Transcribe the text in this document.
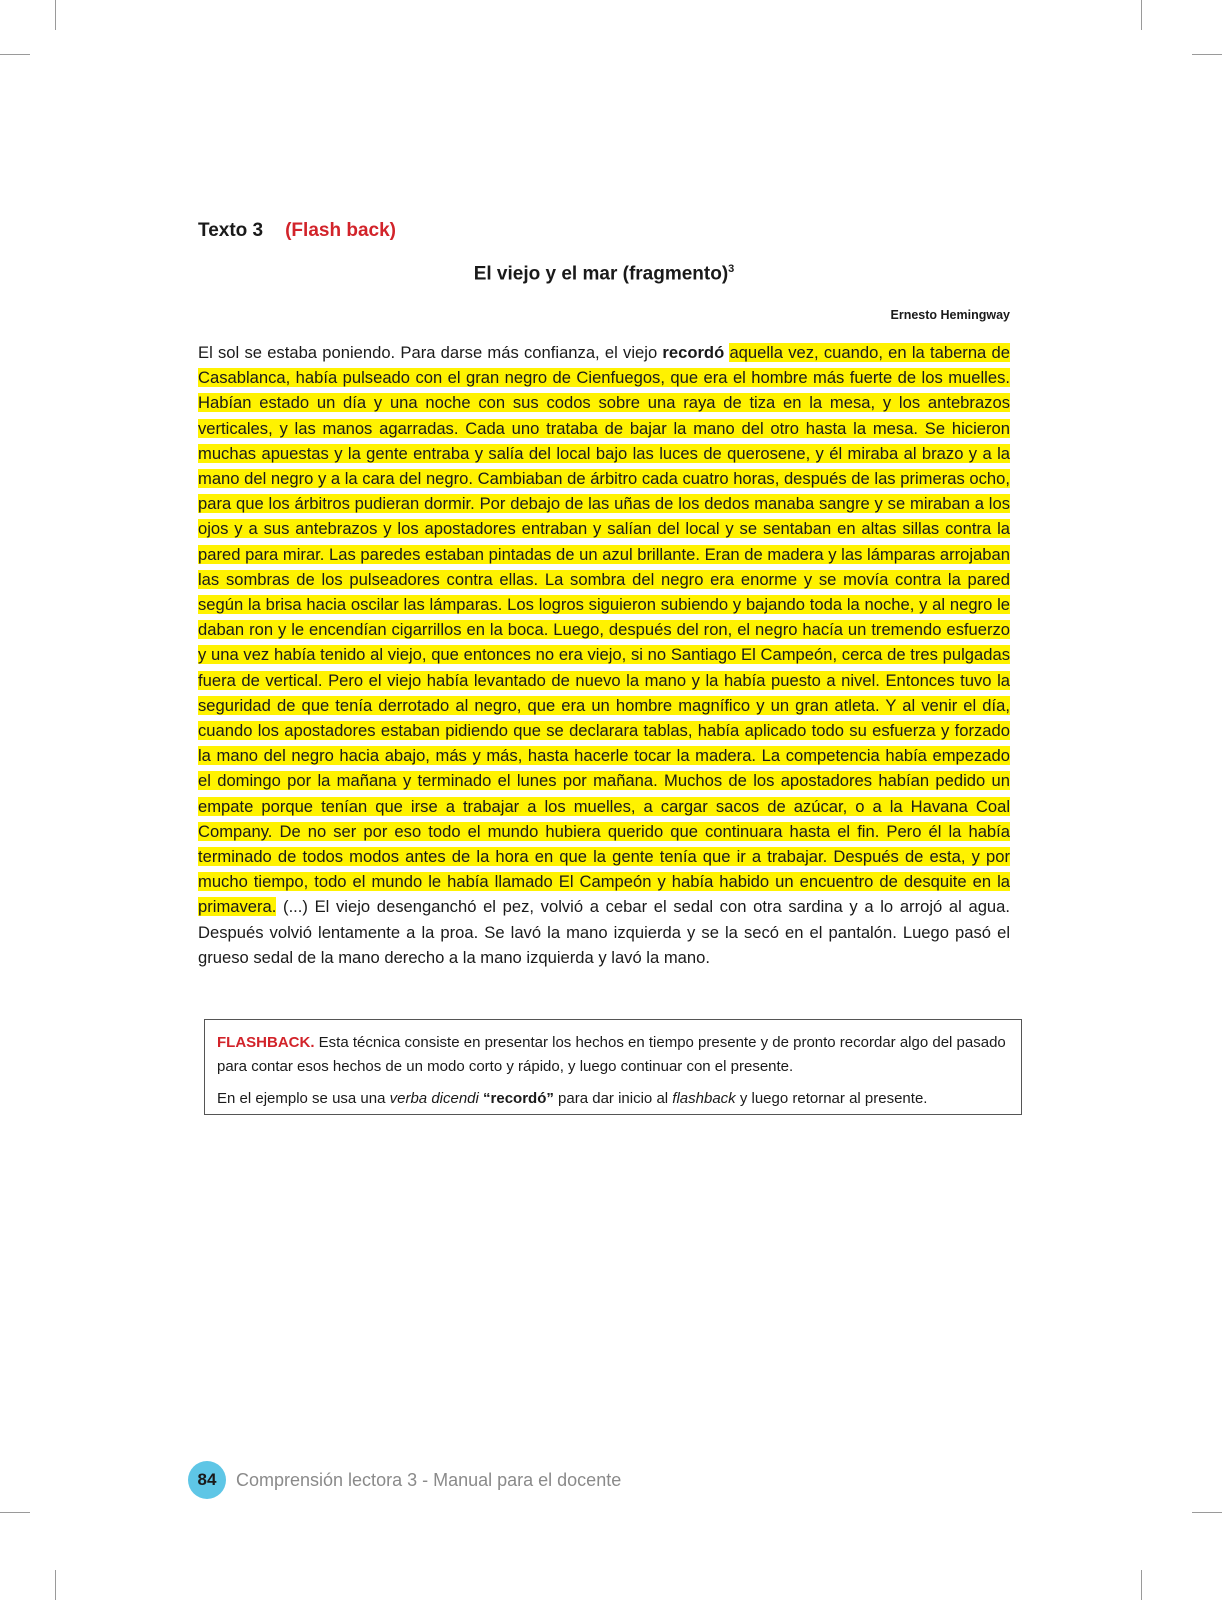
Texto 3 (Flash back)
El viejo y el mar (fragmento)$^3$
Ernesto Hemingway

El sol se estaba poniendo. Para darse más confianza, el viejo recordó aquella vez, cuando, en la taberna de Casablanca, había pulseado con el gran negro de Cienfuegos, que era el hombre más fuerte de los muelles. Habían estado un día y una noche con sus codos sobre una raya de tiza en la mesa, y los antebrazos verticales, y las manos agarradas. Cada uno trataba de bajar la mano del otro hasta la mesa. Se hicieron muchas apuestas y la gente entraba y salía del local bajo las luces de querosene, y él miraba al brazo y a la mano del negro y a la cara del negro. Cambiaban de árbitro cada cuatro horas, después de las primeras ocho, para que los árbitros pudieran dormir. Por debajo de las uñas de los dedos manaba sangre y se miraban a los ojos y a sus antebrazos y los apostadores entraban y salían del local y se sentaban en altas sillas contra la pared para mirar. Las paredes estaban pintadas de un azul brillante. Eran de madera y las lámparas arrojaban las sombras de los pulseadores contra ellas. La sombra del negro era enorme y se movía contra la pared según la brisa hacia oscilar las lámparas. Los logros siguieron subiendo y bajando toda la noche, y al negro le daban ron y le encendían cigarrillos en la boca. Luego, después del ron, el negro hacía un tremendo esfuerzo y una vez había tenido al viejo, que entonces no era viejo, si no Santiago El Campeón, cerca de tres pulgadas fuera de vertical. Pero el viejo había levantado de nuevo la mano y la había puesto a nivel. Entonces tuvo la seguridad de que tenía derrotado al negro, que era un hombre magnífico y un gran atleta. Y al venir el día, cuando los apostadores estaban pidiendo que se declarara tablas, había aplicado todo su esfuerza y forzado la mano del negro hacia abajo, más y más, hasta hacerle tocar la madera. La competencia había empezado el domingo por la mañana y terminado el lunes por mañana. Muchos de los apostadores habían pedido un empate porque tenían que irse a trabajar a los muelles, a cargar sacos de azúcar, o a la Havana Coal Company. De no ser por eso todo el mundo hubiera querido que continuara hasta el fin. Pero él la había terminado de todos modos antes de la hora en que la gente tenía que ir a trabajar. Después de esta, y por mucho tiempo, todo el mundo le había llamado El Campeón y había habido un encuentro de desquite en la primavera. (...) El viejo desenganchó el pez, volvió a cebar el sedal con otra sardina y a lo arrojó al agua. Después volvió lentamente a la proa. Se lavó la mano izquierda y se la secó en el pantalón. Luego pasó el grueso sedal de la mano derecho a la mano izquierda y lavó la mano.

FLASHBACK. Esta técnica consiste en presentar los hechos en tiempo presente y de pronto recordar algo del pasado para contar esos hechos de un modo corto y rápido, y luego continuar con el presente.

En el ejemplo se usa una verba dicendi “recordó” para dar inicio al flashback y luego retornar al presente.

84	Comprensión lectora 3 - Manual para el docente
